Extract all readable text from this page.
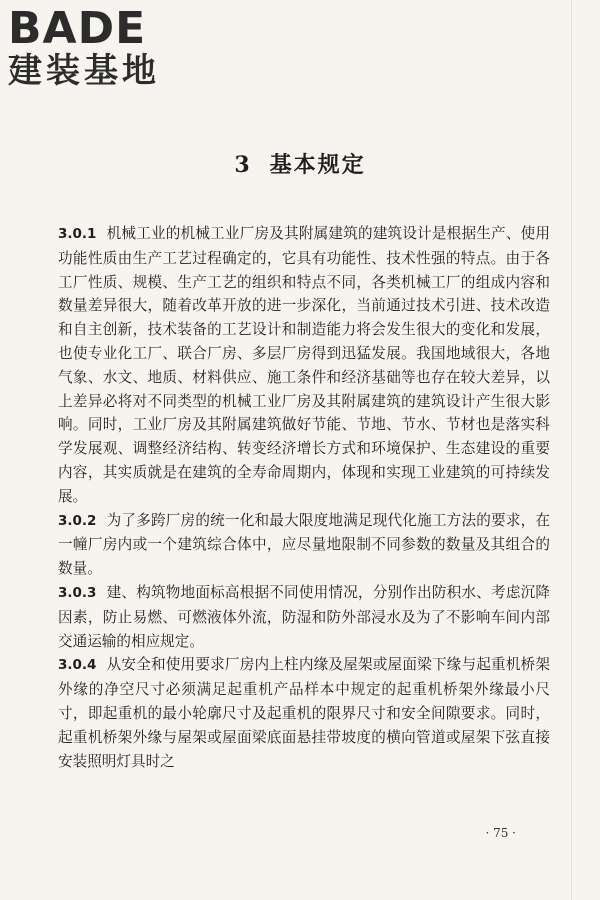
BADE
建装基地
3 基本规定

3.0.1 机械工业的机械工业厂房及其附属建筑的建筑设计是根据生产、使用功能性质由生产工艺过程确定的，它具有功能性、技术性强的特点。由于各工厂性质、规模、生产工艺的组织和特点不同，各类机械工厂的组成内容和数量差异很大，随着改革开放的进一步深化，当前通过技术引进、技术改造和自主创新，技术装备的工艺设计和制造能力将会发生很大的变化和发展，也使专业化工厂、联合厂房、多层厂房得到迅猛发展。我国地域很大，各地气象、水文、地质、材料供应、施工条件和经济基础等也存在较大差异，以上差异必将对不同类型的机械工业厂房及其附属建筑的建筑设计产生很大影响。同时，工业厂房及其附属建筑做好节能、节地、节水、节材也是落实科学发展观、调整经济结构、转变经济增长方式和环境保护、生态建设的重要内容，其实质就是在建筑的全寿命周期内，体现和实现工业建筑的可持续发展。

3.0.2 为了多跨厂房的统一化和最大限度地满足现代化施工方法的要求，在一幢厂房内或一个建筑综合体中，应尽量地限制不同参数的数量及其组合的数量。

3.0.3 建、构筑物地面标高根据不同使用情况，分别作出防积水、考虑沉降因素，防止易燃、可燃液体外流，防湿和防外部浸水及为了不影响车间内部交通运输的相应规定。

3.0.4 从安全和使用要求厂房内上柱内缘及屋架或屋面梁下缘与起重机桥架外缘的净空尺寸必须满足起重机产品样本中规定的起重机桥架外缘最小尺寸，即起重机的最小轮廓尺寸及起重机的限界尺寸和安全间隙要求。同时，起重机桥架外缘与屋架或屋面梁底面悬挂带坡度的横向管道或屋架下弦直接安装照明灯具时之

· 75 ·
